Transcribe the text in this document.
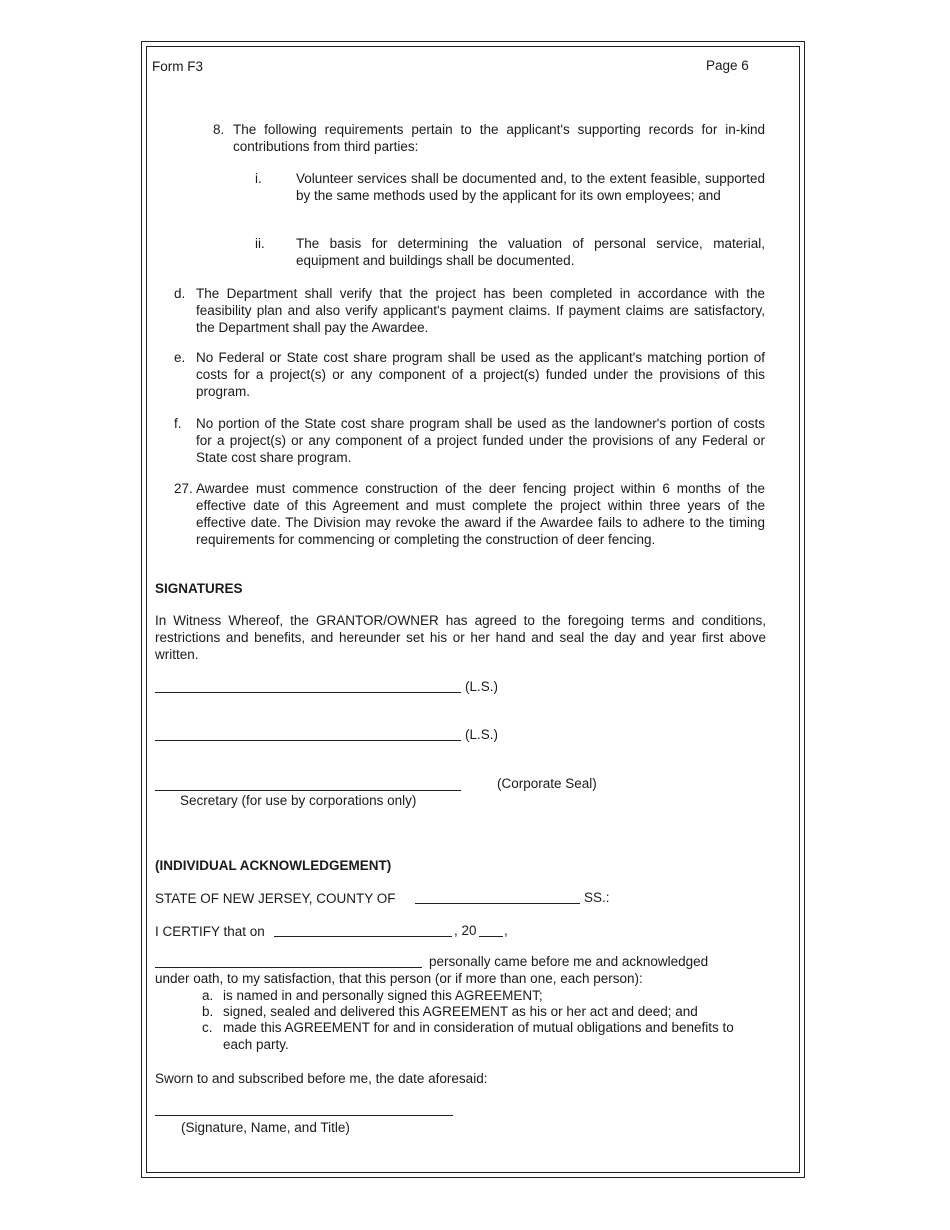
Form F3	Page 6
8. The following requirements pertain to the applicant's supporting records for in-kind contributions from third parties:
i.	Volunteer services shall be documented and, to the extent feasible, supported by the same methods used by the applicant for its own employees; and
ii. The basis for determining the valuation of personal service, material, equipment and buildings shall be documented.
d. The Department shall verify that the project has been completed in accordance with the feasibility plan and also verify applicant's payment claims. If payment claims are satisfactory, the Department shall pay the Awardee.
e. No Federal or State cost share program shall be used as the applicant's matching portion of costs for a project(s) or any component of a project(s) funded under the provisions of this program.
f. No portion of the State cost share program shall be used as the landowner's portion of costs for a project(s) or any component of a project funded under the provisions of any Federal or State cost share program.
27. Awardee must commence construction of the deer fencing project within 6 months of the effective date of this Agreement and must complete the project within three years of the effective date. The Division may revoke the award if the Awardee fails to adhere to the timing requirements for commencing or completing the construction of deer fencing.
SIGNATURES
In Witness Whereof, the GRANTOR/OWNER has agreed to the foregoing terms and conditions, restrictions and benefits, and hereunder set his or her hand and seal the day and year first above written.
(L.S.)
(L.S.)
(Corporate Seal)
Secretary (for use by corporations only)
(INDIVIDUAL ACKNOWLEDGEMENT)
STATE OF NEW JERSEY, COUNTY OF	SS.:
I CERTIFY that on	, 20 ,
personally came before me and acknowledged
under oath, to my satisfaction, that this person (or if more than one, each person):
a. is named in and personally signed this AGREEMENT;
b. signed, sealed and delivered this AGREEMENT as his or her act and deed; and
c. made this AGREEMENT for and in consideration of mutual obligations and benefits to each party.
Sworn to and subscribed before me, the date aforesaid:
(Signature, Name, and Title)
